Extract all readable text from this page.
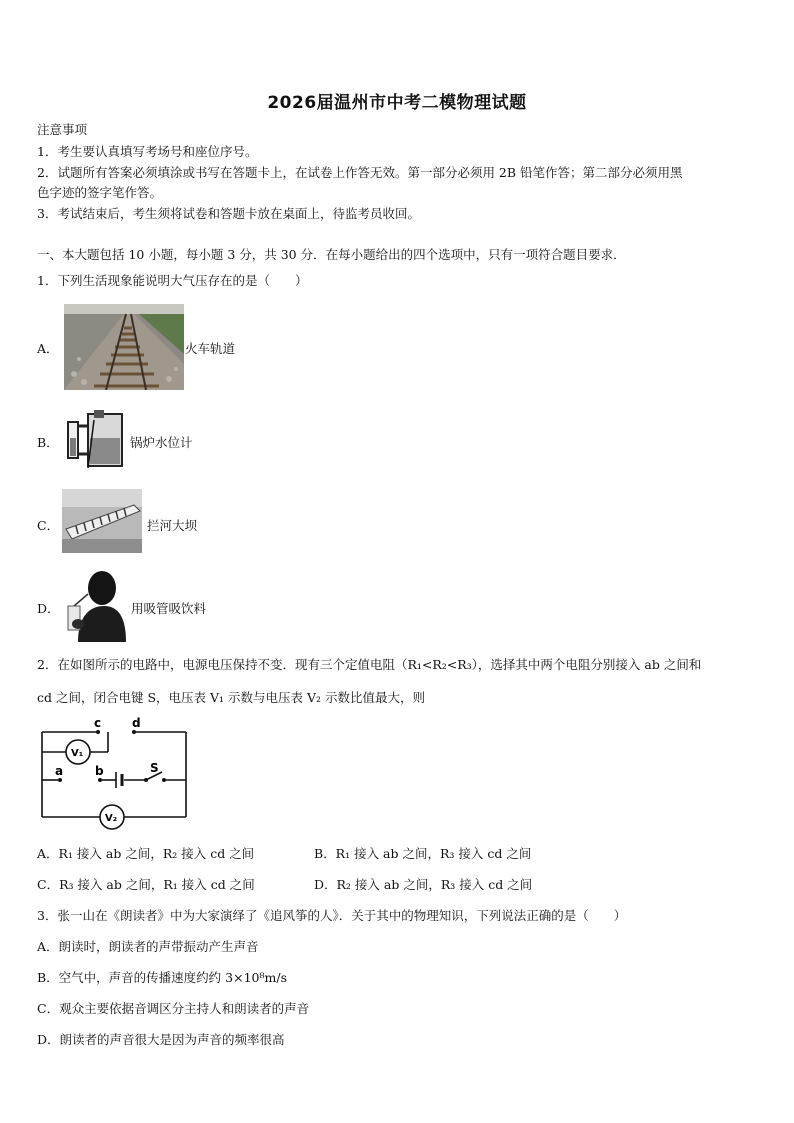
2026届温州市中考二模物理试题
注意事项
1．考生要认真填写考场号和座位序号。
2．试题所有答案必须填涂或书写在答题卡上，在试卷上作答无效。第一部分必须用 2B 铅笔作答；第二部分必须用黑
色字迹的签字笔作答。
3．考试结束后，考生须将试卷和答题卡放在桌面上，待监考员收回。
一、本大题包括 10 小题，每小题 3 分，共 30 分．在每小题给出的四个选项中，只有一项符合题目要求．
1．下列生活现象能说明大气压存在的是（　　）
A．	火车轨道
B．	锅炉水位计
C．	拦河大坝
D．	用吸管吸饮料
2．在如图所示的电路中，电源电压保持不变．现有三个定值电阻（R₁<R₂<R₃），选择其中两个电阻分别接入 ab 之间和
cd 之间，闭合电键 S，电压表 V₁ 示数与电压表 V₂ 示数比值最大，则
c	d
a	b	S
V₁
V₂
A．R₁ 接入 ab 之间，R₂ 接入 cd 之间	B．R₁ 接入 ab 之间，R₃ 接入 cd 之间
C．R₃ 接入 ab 之间，R₁ 接入 cd 之间	D．R₂ 接入 ab 之间，R₃ 接入 cd 之间
3．张一山在《朗读者》中为大家演绎了《追风筝的人》．关于其中的物理知识，下列说法正确的是（　　）
A．朗读时，朗读者的声带振动产生声音
B．空气中，声音的传播速度约约 3×10⁸m/s
C．观众主要依据音调区分主持人和朗读者的声音
D．朗读者的声音很大是因为声音的频率很高
